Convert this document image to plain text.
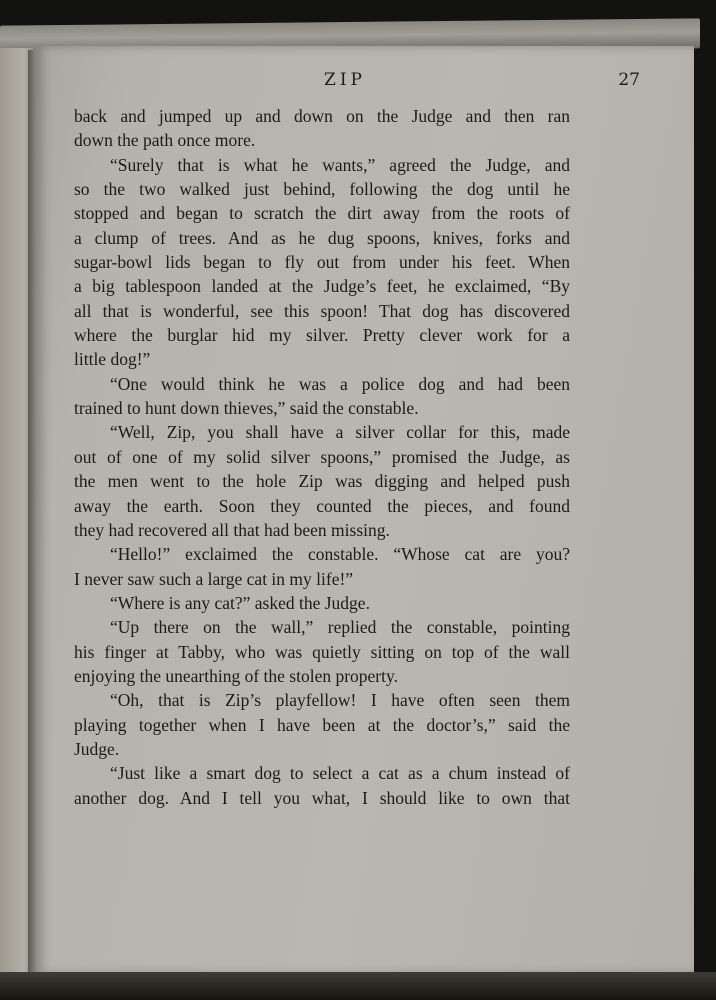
ZIP	27
back and jumped up and down on the Judge and then ran
down the path once more.
“Surely that is what he wants,” agreed the Judge, and
so the two walked just behind, following the dog until he
stopped and began to scratch the dirt away from the roots of
a clump of trees. And as he dug spoons, knives, forks and
sugar-bowl lids began to fly out from under his feet. When
a big tablespoon landed at the Judge’s feet, he exclaimed, “By
all that is wonderful, see this spoon! That dog has discovered
where the burglar hid my silver. Pretty clever work for a
little dog!”
“One would think he was a police dog and had been
trained to hunt down thieves,” said the constable.
“Well, Zip, you shall have a silver collar for this, made
out of one of my solid silver spoons,” promised the Judge, as
the men went to the hole Zip was digging and helped push
away the earth. Soon they counted the pieces, and found
they had recovered all that had been missing.
“Hello!” exclaimed the constable. “Whose cat are you?
I never saw such a large cat in my life!”
“Where is any cat?” asked the Judge.
“Up there on the wall,” replied the constable, pointing
his finger at Tabby, who was quietly sitting on top of the wall
enjoying the unearthing of the stolen property.
“Oh, that is Zip’s playfellow! I have often seen them
playing together when I have been at the doctor’s,” said the
Judge.
“Just like a smart dog to select a cat as a chum instead of
another dog. And I tell you what, I should like to own that
